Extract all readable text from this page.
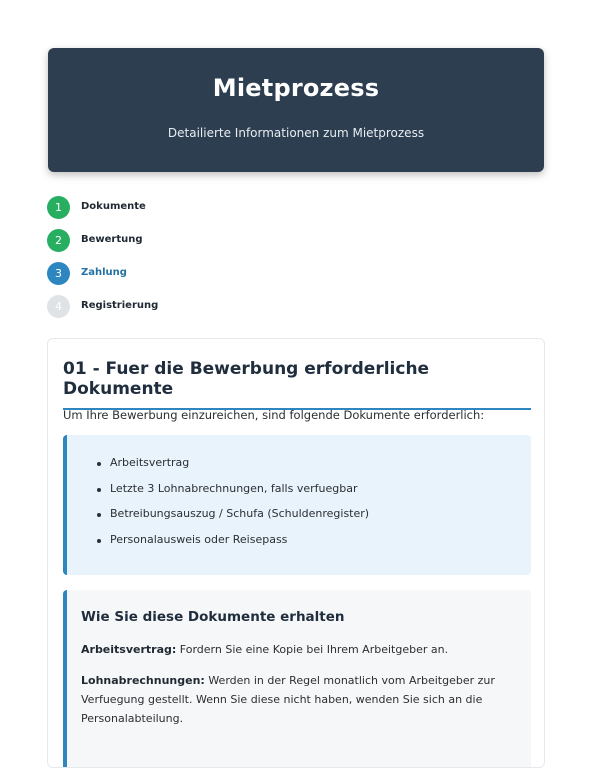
Mietprozess

Detailierte Informationen zum Mietprozess

1	Dokumente
2	Bewertung
3	Zahlung
4	Registrierung
01 - Fuer die Bewerbung erforderliche Dokumente
Um Ihre Bewerbung einzureichen, sind folgende Dokumente erforderlich:
Arbeitsvertrag
Letzte 3 Lohnabrechnungen, falls verfuegbar
Betreibungsauszug / Schufa (Schuldenregister)
Personalausweis oder Reisepass
Wie Sie diese Dokumente erhalten

Arbeitsvertrag: Fordern Sie eine Kopie bei Ihrem Arbeitgeber an.

Lohnabrechnungen: Werden in der Regel monatlich vom Arbeitgeber zur Verfuegung gestellt. Wenn Sie diese nicht haben, wenden Sie sich an die Personalabteilung.
